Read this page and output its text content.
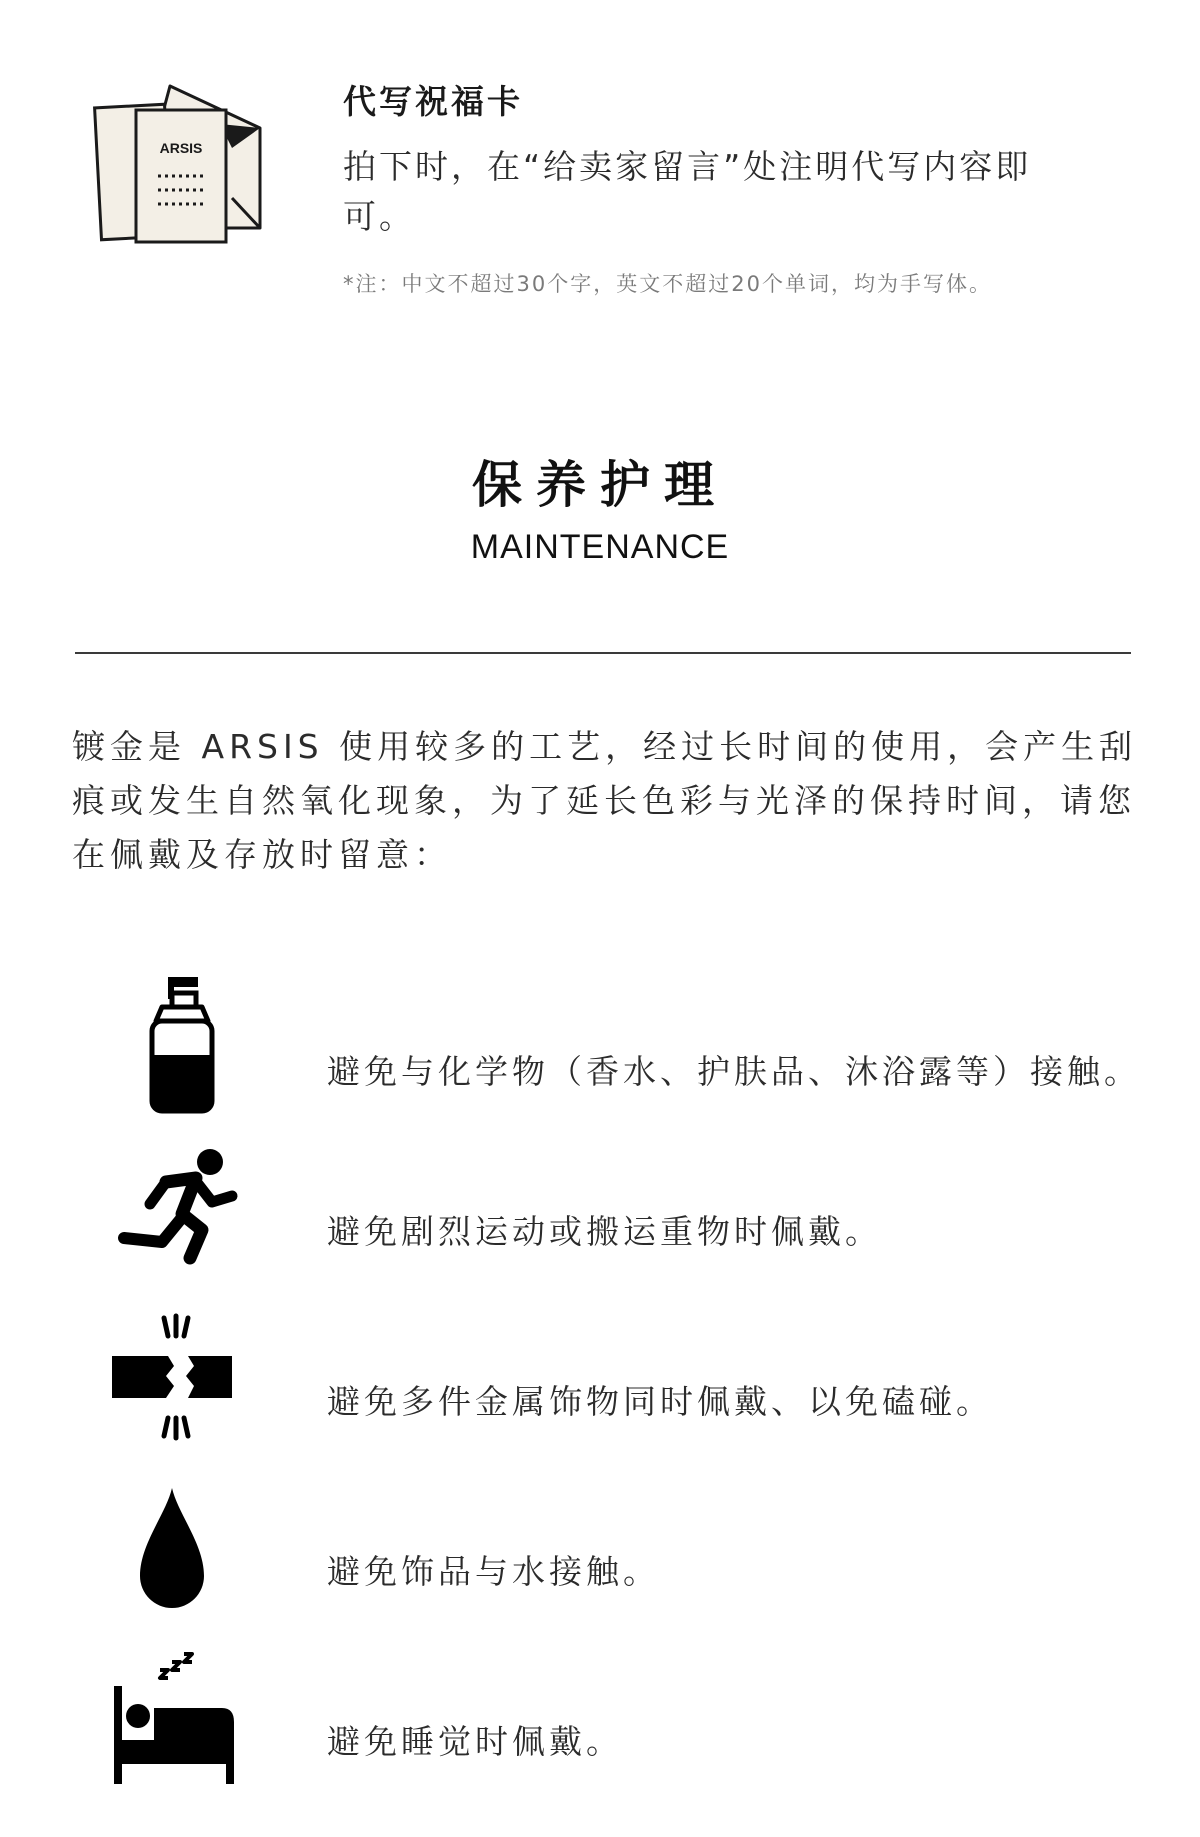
ARSIS
代写祝福卡
拍下时，在“给卖家留言”处注明代写内容即可。
*注：中文不超过30个字，英文不超过20个单词，均为手写体。
保养护理
MAINTENANCE
镀金是 ARSIS 使用较多的工艺，经过长时间的使用，会产生刮痕或发生自然氧化现象，为了延长色彩与光泽的保持时间，请您在佩戴及存放时留意：
避免与化学物（香水、护肤品、沐浴露等）接触。
避免剧烈运动或搬运重物时佩戴。
避免多件金属饰物同时佩戴、以免磕碰。
避免饰品与水接触。
避免睡觉时佩戴。
